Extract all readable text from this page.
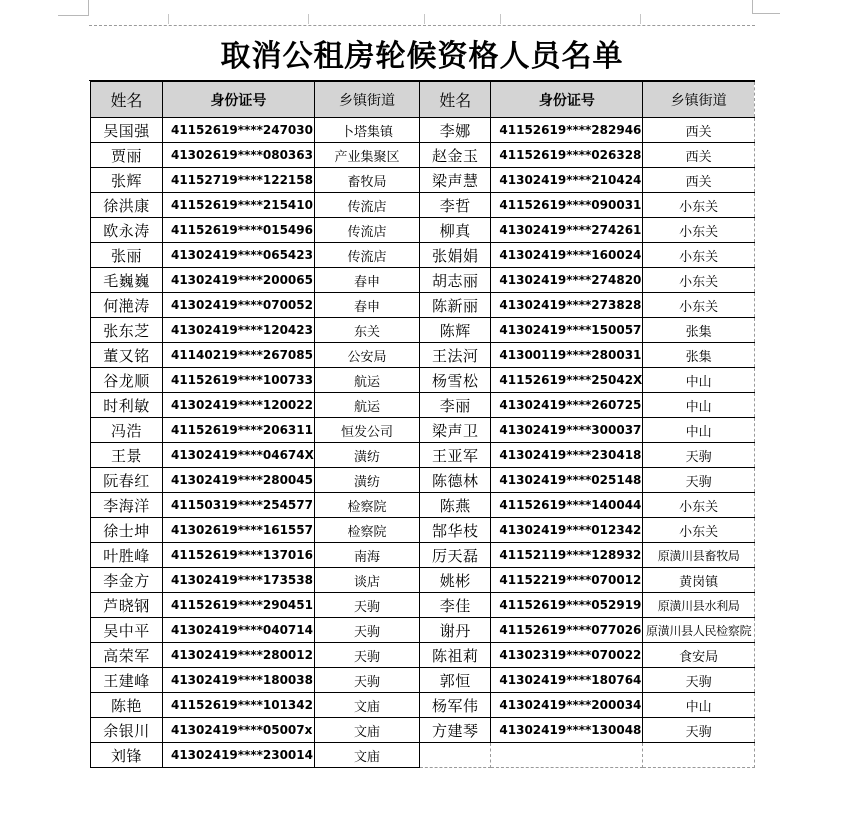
取消公租房轮候资格人员名单
姓名	身份证号	乡镇街道	姓名	身份证号	乡镇街道
吴国强	41152619****247030	卜塔集镇	李娜	41152619****282946	西关
贾丽	41302619****080363	产业集聚区	赵金玉	41152619****026328	西关
张辉	41152719****122158	畜牧局	梁声慧	41302419****210424	西关
徐洪康	41152619****215410	传流店	李哲	41152619****090031	小东关
欧永涛	41152619****015496	传流店	柳真	41302419****274261	小东关
张丽	41302419****065423	传流店	张娟娟	41302419****160024	小东关
毛巍巍	41302419****200065	春申	胡志丽	41302419****274820	小东关
何滟涛	41302419****070052	春申	陈新丽	41302419****273828	小东关
张东芝	41302419****120423	东关	陈辉	41302419****150057	张集
董又铭	41140219****267085	公安局	王法河	41300119****280031	张集
谷龙顺	41152619****100733	航运	杨雪松	41152619****25042X	中山
时利敏	41302419****120022	航运	李丽	41302419****260725	中山
冯浩	41152619****206311	恒发公司	梁声卫	41302419****300037	中山
王景	41302419****04674X	潢纺	王亚军	41302419****230418	天驹
阮春红	41302419****280045	潢纺	陈德林	41302419****025148	天驹
李海洋	41150319****254577	检察院	陈燕	41152619****140044	小东关
徐士坤	41302619****161557	检察院	郜华枝	41302419****012342	小东关
叶胜峰	41152619****137016	南海	厉天磊	41152119****128932	原潢川县畜牧局
李金方	41302419****173538	谈店	姚彬	41152219****070012	黄岗镇
芦晓钢	41152619****290451	天驹	李佳	41152619****052919	原潢川县水利局
吴中平	41302419****040714	天驹	谢丹	41152619****077026	原潢川县人民检察院
高荣军	41302419****280012	天驹	陈祖莉	41302319****070022	食安局
王建峰	41302419****180038	天驹	郭恒	41302419****180764	天驹
陈艳	41152619****101342	文庙	杨军伟	41302419****200034	中山
余银川	41302419****05007x	文庙	方建琴	41302419****130048	天驹
刘锋	41302419****230014	文庙			
